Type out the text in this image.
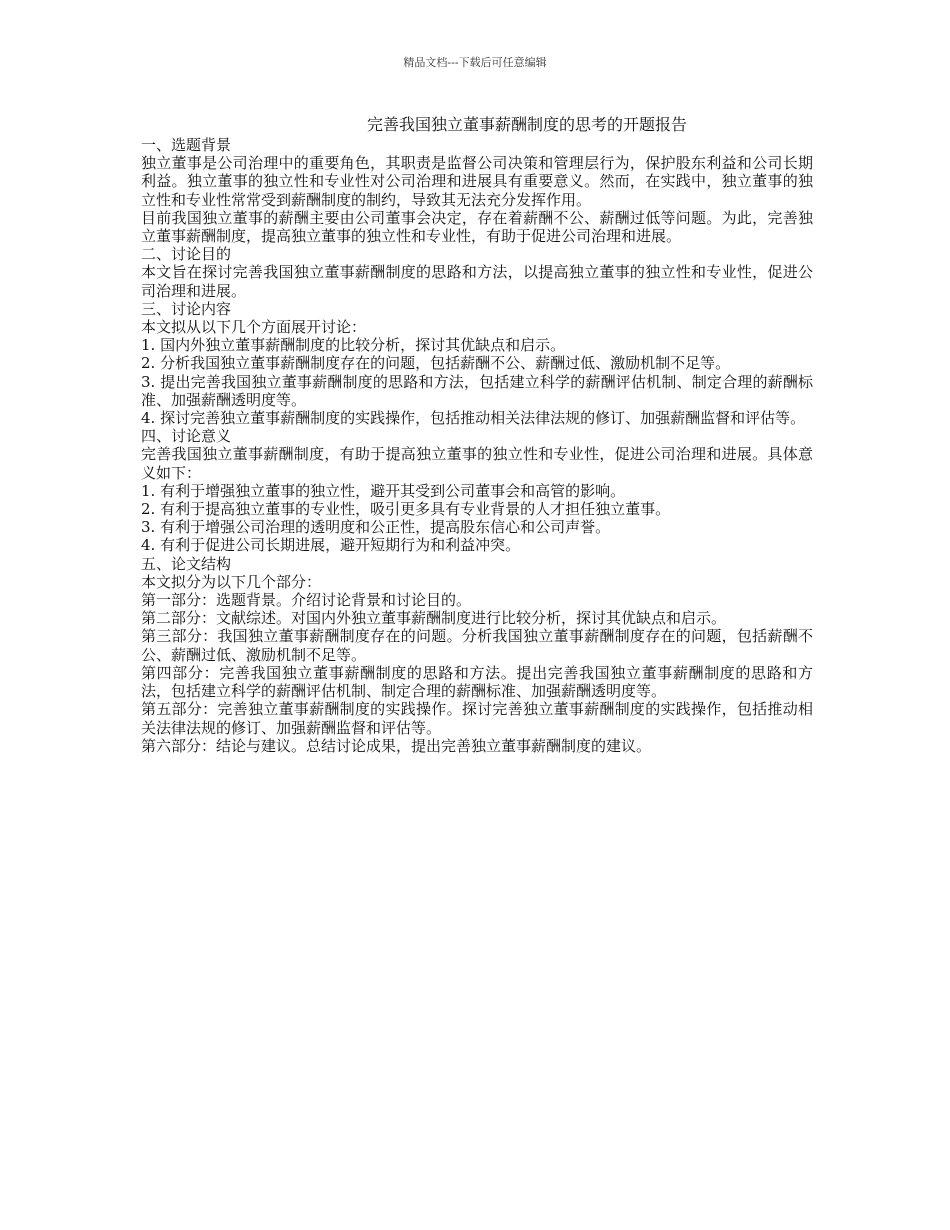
精品文档---下载后可任意编辑
完善我国独立董事薪酬制度的思考的开题报告
一、选题背景

独立董事是公司治理中的重要角色，其职责是监督公司决策和管理层行为，保护股东利益和公司长期利益。独立董事的独立性和专业性对公司治理和进展具有重要意义。然而，在实践中，独立董事的独立性和专业性常常受到薪酬制度的制约，导致其无法充分发挥作用。

目前我国独立董事的薪酬主要由公司董事会决定，存在着薪酬不公、薪酬过低等问题。为此，完善独立董事薪酬制度，提高独立董事的独立性和专业性，有助于促进公司治理和进展。

二、讨论目的

本文旨在探讨完善我国独立董事薪酬制度的思路和方法，以提高独立董事的独立性和专业性，促进公司治理和进展。

三、讨论内容

本文拟从以下几个方面展开讨论：

1. 国内外独立董事薪酬制度的比较分析，探讨其优缺点和启示。

2. 分析我国独立董事薪酬制度存在的问题，包括薪酬不公、薪酬过低、激励机制不足等。

3. 提出完善我国独立董事薪酬制度的思路和方法，包括建立科学的薪酬评估机制、制定合理的薪酬标准、加强薪酬透明度等。

4. 探讨完善独立董事薪酬制度的实践操作，包括推动相关法律法规的修订、加强薪酬监督和评估等。

四、讨论意义

完善我国独立董事薪酬制度，有助于提高独立董事的独立性和专业性，促进公司治理和进展。具体意义如下：

1. 有利于增强独立董事的独立性，避开其受到公司董事会和高管的影响。

2. 有利于提高独立董事的专业性，吸引更多具有专业背景的人才担任独立董事。

3. 有利于增强公司治理的透明度和公正性，提高股东信心和公司声誉。

4. 有利于促进公司长期进展，避开短期行为和利益冲突。

五、论文结构

本文拟分为以下几个部分：

第一部分：选题背景。介绍讨论背景和讨论目的。

第二部分：文献综述。对国内外独立董事薪酬制度进行比较分析，探讨其优缺点和启示。

第三部分：我国独立董事薪酬制度存在的问题。分析我国独立董事薪酬制度存在的问题，包括薪酬不公、薪酬过低、激励机制不足等。

第四部分：完善我国独立董事薪酬制度的思路和方法。提出完善我国独立董事薪酬制度的思路和方法，包括建立科学的薪酬评估机制、制定合理的薪酬标准、加强薪酬透明度等。

第五部分：完善独立董事薪酬制度的实践操作。探讨完善独立董事薪酬制度的实践操作，包括推动相关法律法规的修订、加强薪酬监督和评估等。

第六部分：结论与建议。总结讨论成果，提出完善独立董事薪酬制度的建议。
